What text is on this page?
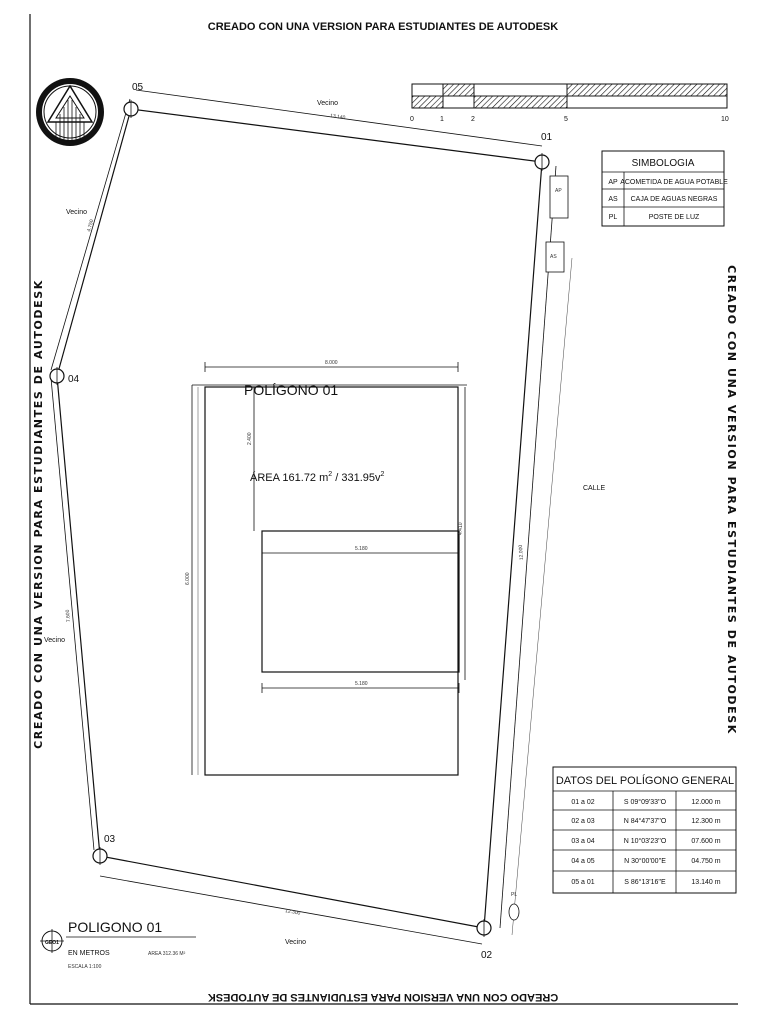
CREADO CON UNA VERSION PARA ESTUDIANTES DE AUTODESK
CREADO CON UNA VERSION PARA ESTUDIANTES DE AUTODESK
CREADO CON UNA VERSION PARA ESTUDIANTES DE AUTODESK	CREADO CON UNA VERSION PARA ESTUDIANTES DE AUTODESK
0	1	2	5	10
SIMBOLOGIA
AP ACOMETIDA DE AGUA POTABLE
AS CAJA DE AGUAS NEGRAS
PL	POSTE DE LUZ
01
02
03
04
05
Vecino
Vecino
Vecino
Vecino
CALLE
AP
AS
PL
13.140
4.750
7.600
12.000
12.300
8.000
5.180
5.180
6.000
4.410
2.400
POLÍGONO 01
ÁREA 161.72 $m^2 / 331.95v^2$
DATOS DEL POLÍGONO GENERAL
01 a 02	S 09°09'33''O	12.000 m
02 a 03	N 84°47'37''O	12.300 m
03 a 04	N 10°03'23''O	07.600 m
04 a 05	N 30°00'00''E	04.750 m
05 a 01	S 86°13'16''E	13.140 m
GEO1
POLIGONO 01
EN METROS	AREA 312.36 M²
ESCALA 1:100
